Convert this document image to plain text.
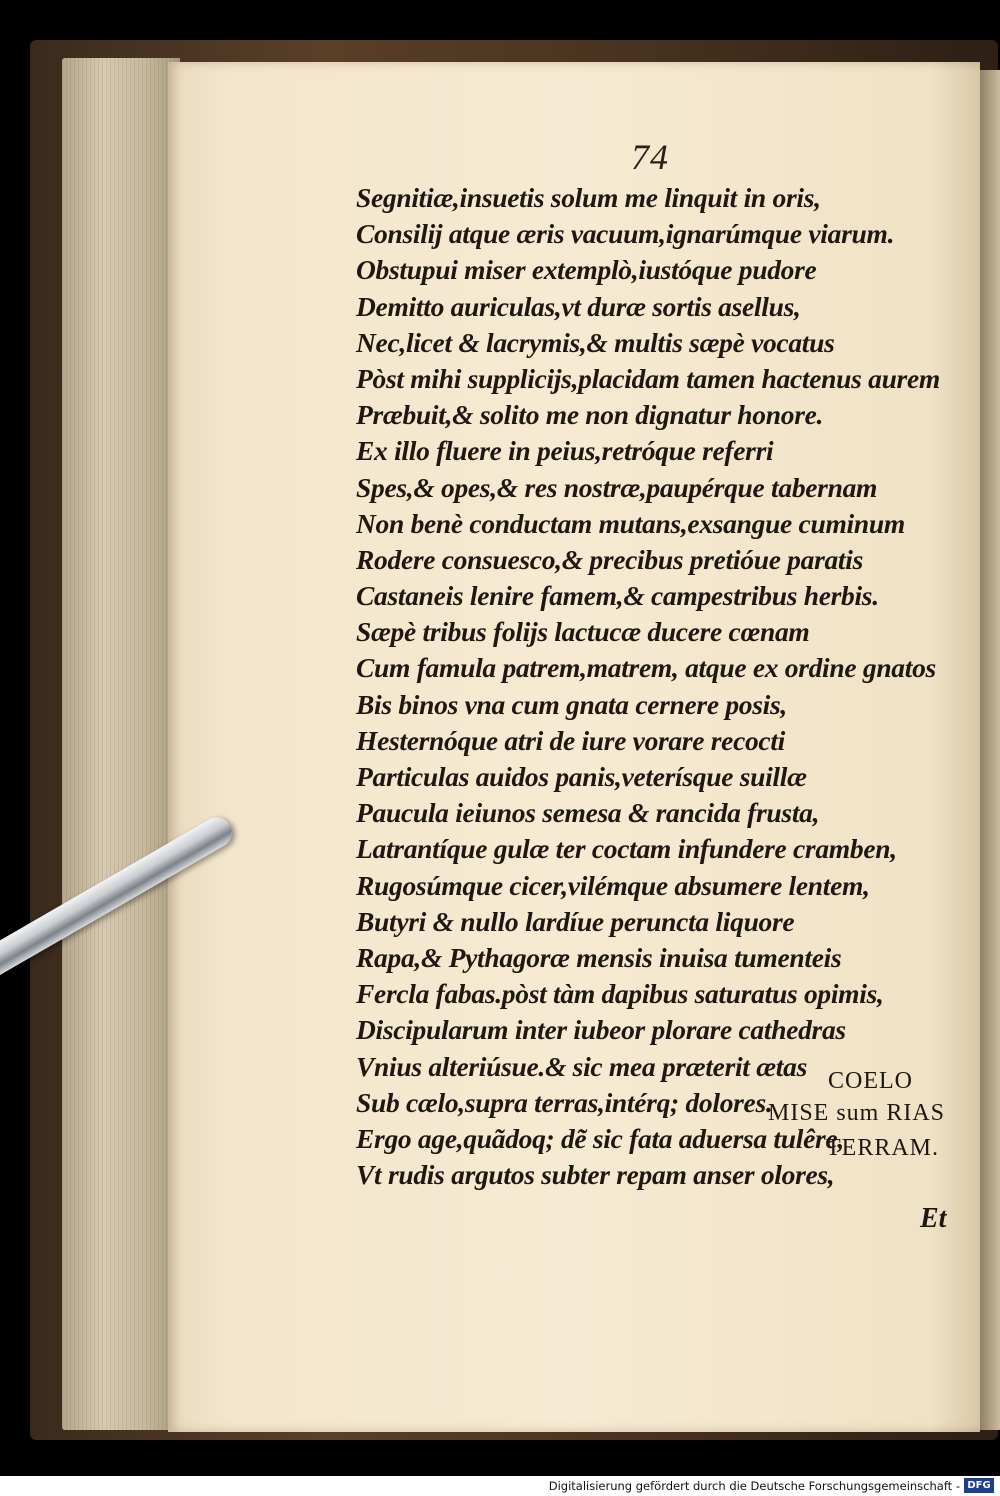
74
Segnitiæ,insuetis solum me linquit in oris,
Consilij atque æris vacuum,ignarúmque viarum.
Obstupui miser extemplò,iustóque pudore
Demitto auriculas,vt duræ sortis asellus,
Nec,licet & lacrymis,& multis sæpè vocatus
Pòst mihi supplicijs,placidam tamen hactenus aurem
Præbuit,& solito me non dignatur honore.
Ex illo fluere in peius,retróque referri
Spes,& opes,& res nostræ,paupérque tabernam
Non benè conductam mutans,exsangue cuminum
Rodere consuesco,& precibus pretióue paratis
Castaneis lenire famem,& campestribus herbis.
Sæpè tribus folijs lactucæ ducere cœnam
Cum famula patrem,matrem, atque ex ordine gnatos
Bis binos vna cum gnata cernere posis,
Hesternóque atri de iure vorare recocti
Particulas auidos panis,veterísque suillæ
Paucula ieiunos semesa & rancida frusta,
Latrantíque gulæ ter coctam infundere cramben,
Rugosúmque cicer,vilémque absumere lentem,
Butyri & nullo lardíue peruncta liquore
Rapa,& Pythagoræ mensis inuisa tumenteis
Fercla fabas.pòst tàm dapibus saturatus opimis,
Discipularum inter iubeor plorare cathedras
Vnius alteriúsue.& sic mea præterit ætas
Sub cælo,supra terras,intérq; dolores.
Ergo age,quãdoq; dẽ sic fata aduersa tulêre,
Vt rudis argutos subter repam anser olores,
COELO
MISE sum RIAS
TERRAM.
Et
Digitalisierung gefördert durch die Deutsche Forschungsgemeinschaft - DFG
